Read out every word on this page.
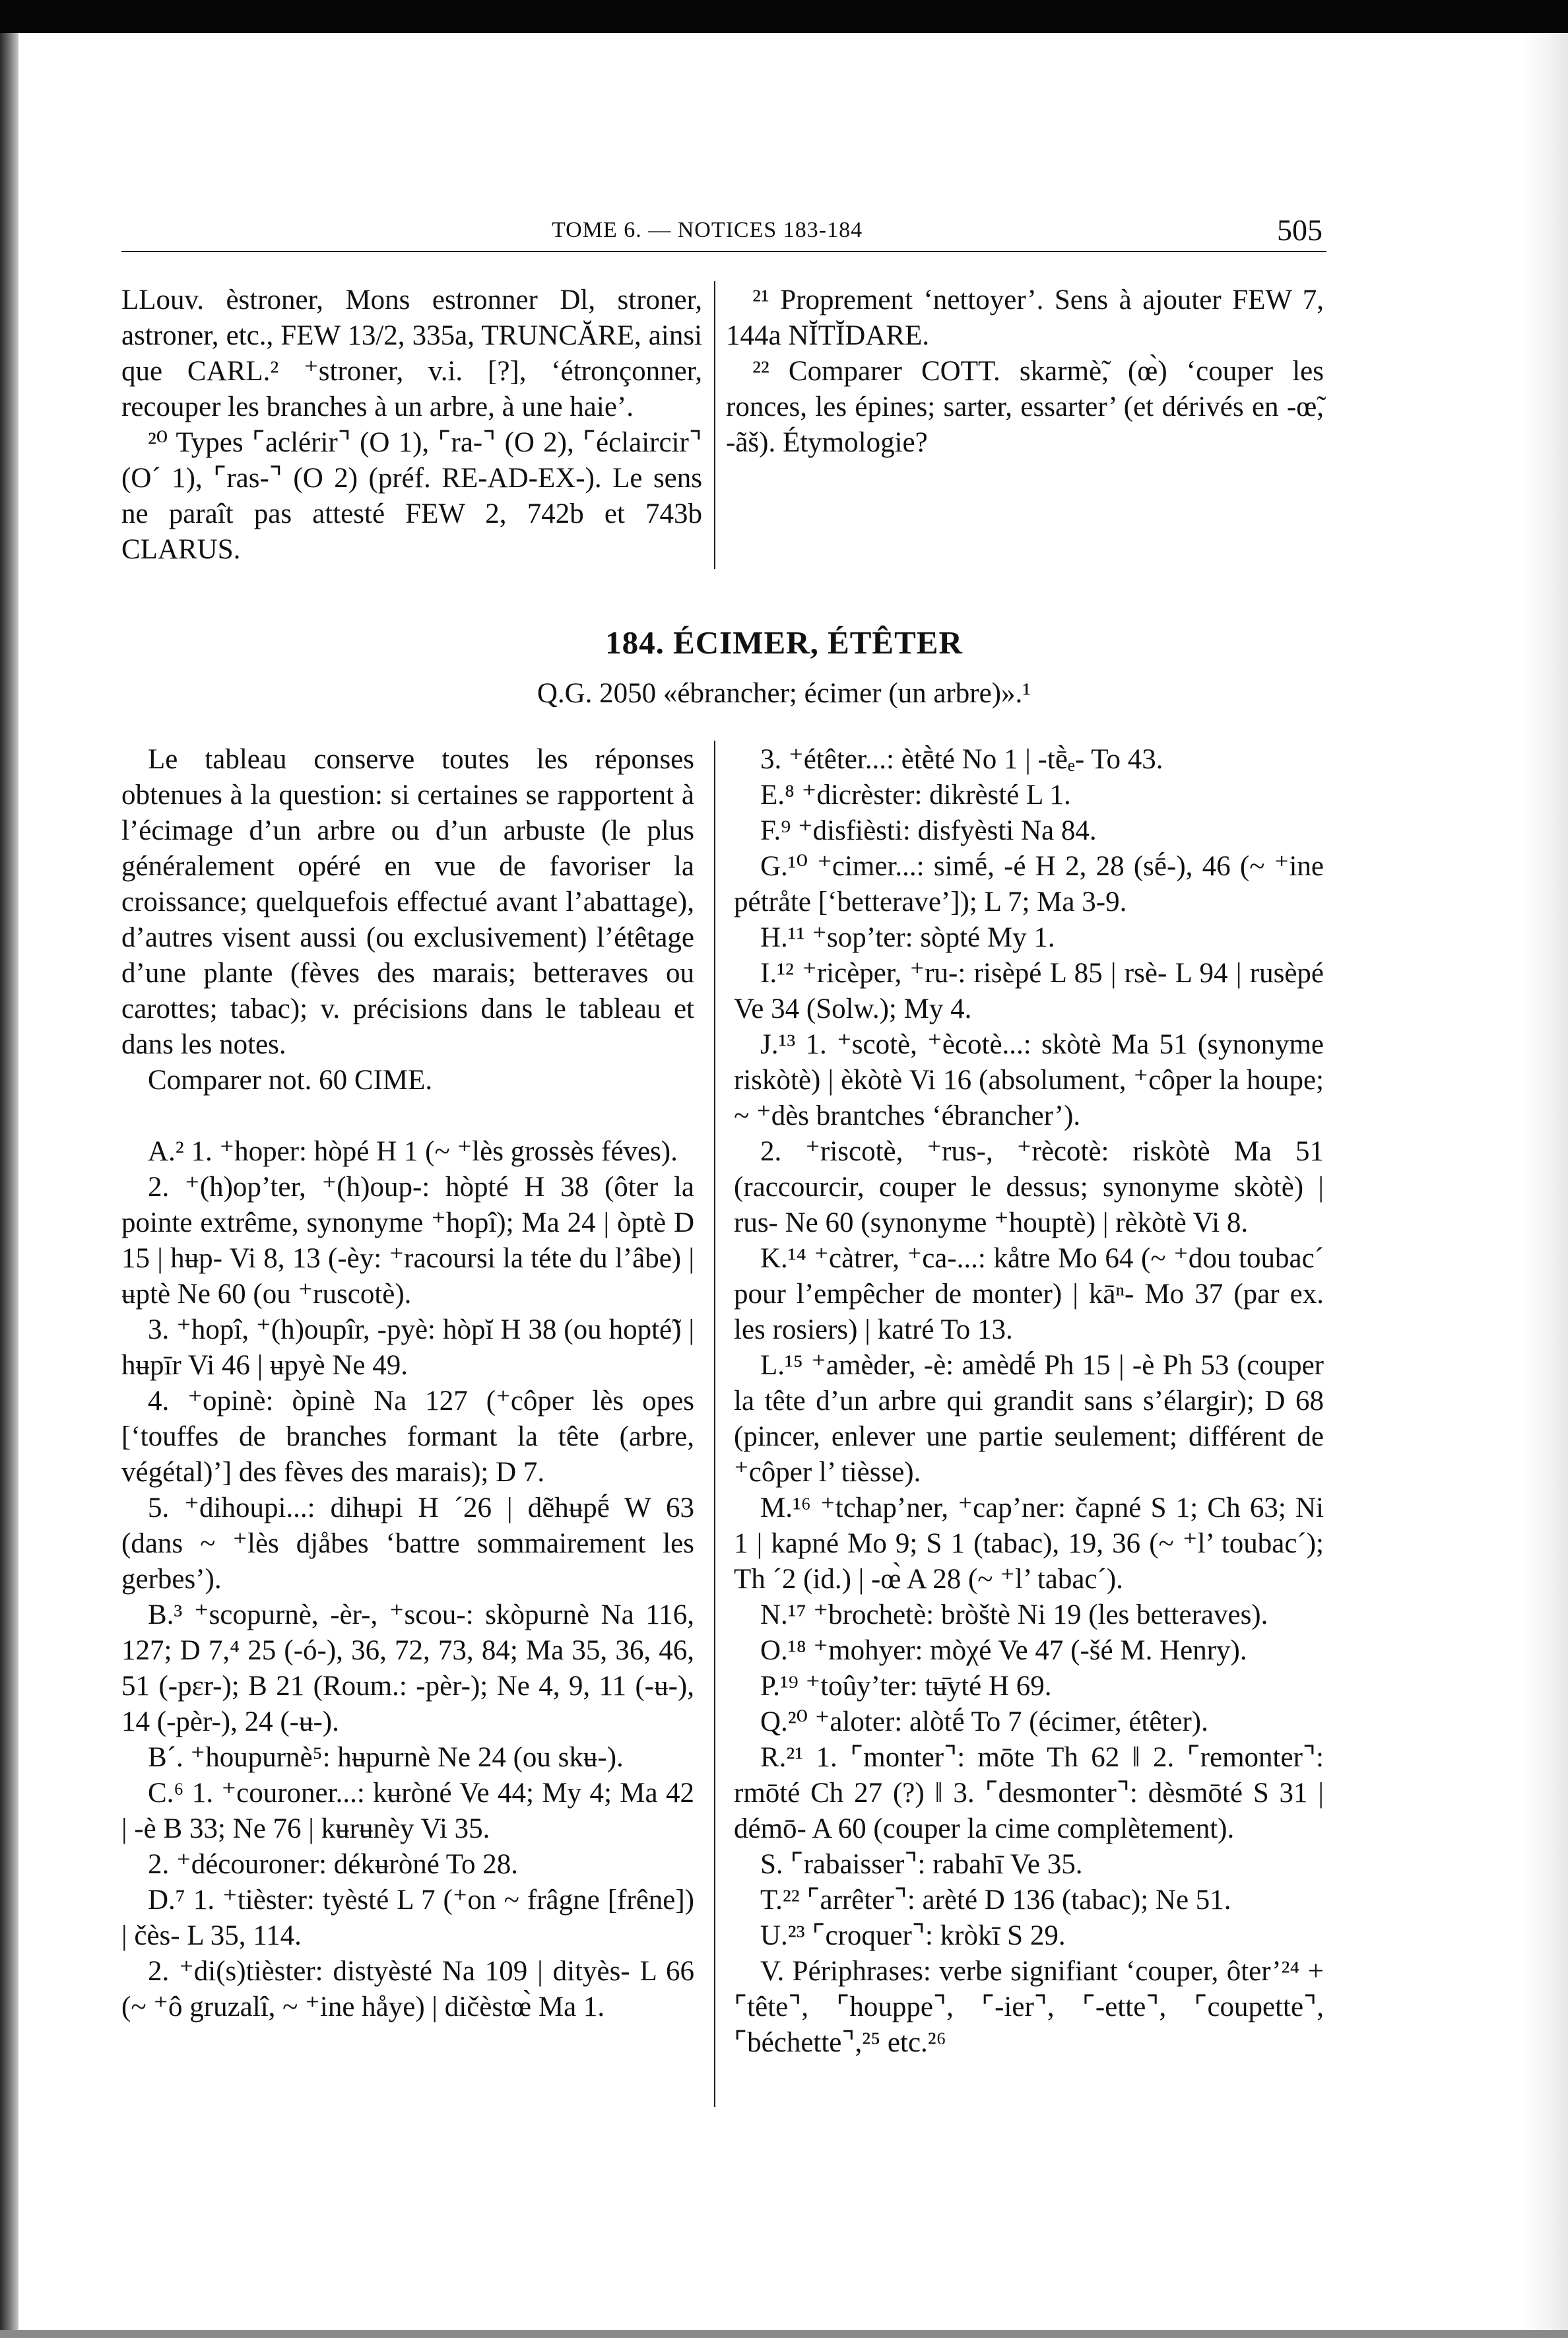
TOME 6. — NOTICES 183-184	505

LLouv. èstroner, Mons estronner Dl, stroner, astroner, etc., FEW 13/2, 335a, TRUNCĂRE, ainsi que CARL.² ⁺stroner, v.i. [?], ‘étronçonner, recouper les branches à un arbre, à une haie’.

²⁰ Types ⌜aclérir⌝ (O 1), ⌜ra-⌝ (O 2), ⌜éclaircir⌝ (O´ 1), ⌜ras-⌝ (O 2) (préf. RE-AD-EX-). Le sens ne paraît pas attesté FEW 2, 742b et 743b CLARUS.

²¹ Proprement ‘nettoyer’. Sens à ajouter FEW 7, 144a NĬTĬDARE.

²² Comparer COTT. skarmè̃, (œ̀) ‘couper les ronces, les épines; sarter, essarter’ (et dérivés en -œ̃, -ãš). Étymologie?

184. ÉCIMER, ÉTÊTER
Q.G. 2050 «ébrancher; écimer (un arbre)».¹

Le tableau conserve toutes les réponses obtenues à la question: si certaines se rapportent à l’écimage d’un arbre ou d’un arbuste (le plus généralement opéré en vue de favoriser la croissance; quelquefois effectué avant l’abattage), d’autres visent aussi (ou exclusivement) l’étêtage d’une plante (fèves des marais; betteraves ou carottes; tabac); v. précisions dans le tableau et dans les notes.

Comparer not. 60 CIME.

A.² 1. ⁺hoper: hòpé H 1 (~ ⁺lès grossès féves).

2. ⁺(h)op’ter, ⁺(h)oup-: hòpté H 38 (ôter la pointe extrême, synonyme ⁺hopî); Ma 24 | òptè D 15 | hʉp- Vi 8, 13 (-èy: ⁺racoursi la téte du l’âbe) | ʉptè Ne 60 (ou ⁺ruscotè).

3. ⁺hopî, ⁺(h)oupîr, -pyè: hòpĭ H 38 (ou hopté̃) | hʉpīr Vi 46 | ʉpyè Ne 49.

4. ⁺opinè: òpinè Na 127 (⁺côper lès opes [‘touffes de branches formant la tête (arbre, végétal)’] des fèves des marais); D 7.

5. ⁺dihoupi...: dihʉpi H ´26 | dẽhʉpḗ W 63 (dans ~ ⁺lès djåbes ‘battre sommairement les gerbes’).

B.³ ⁺scopurnè, -èr-, ⁺scou-: skòpurnè Na 116, 127; D 7,⁴ 25 (-ó-), 36, 72, 73, 84; Ma 35, 36, 46, 51 (-pɛr-); B 21 (Roum.: -pèr-); Ne 4, 9, 11 (-ʉ-), 14 (-pèr-), 24 (-ʉ-).

B´. ⁺houpurnè⁵: hʉpurnè Ne 24 (ou skʉ-).

C.⁶ 1. ⁺couroner...: kʉròné Ve 44; My 4; Ma 42 | -è B 33; Ne 76 | kʉrʉnèy Vi 35.

2. ⁺découroner: dékʉròné To 28.

D.⁷ 1. ⁺tièster: tyèsté L 7 (⁺on ~ frâgne [frêne]) | čès- L 35, 114.

2. ⁺di(s)tièster: distyèsté Na 109 | dityès- L 66 (~ ⁺ô gruzalî, ~ ⁺ine håye) | dičèstœ̀ Ma 1.

3. ⁺étêter...: ètḕté No 1 | -tḕₑ- To 43.

E.⁸ ⁺dicrèster: dikrèsté L 1.

F.⁹ ⁺disfièsti: disfyèsti Na 84.

G.¹⁰ ⁺cimer...: simḗ, -é H 2, 28 (sḗ-), 46 (~ ⁺ine pétråte [‘betterave’]); L 7; Ma 3-9.

H.¹¹ ⁺sop’ter: sòpté My 1.

I.¹² ⁺ricèper, ⁺ru-: risèpé L 85 | rsè- L 94 | rusèpé Ve 34 (Solw.); My 4.

J.¹³ 1. ⁺scotè, ⁺ècotè...: skòtè Ma 51 (synonyme riskòtè) | èkòtè Vi 16 (absolument, ⁺côper la houpe; ~ ⁺dès brantches ‘ébrancher’).

2. ⁺riscotè, ⁺rus-, ⁺rècotè: riskòtè Ma 51 (raccourcir, couper le dessus; synonyme skòtè) | rus- Ne 60 (synonyme ⁺houptè) | rèkòtè Vi 8.

K.¹⁴ ⁺càtrer, ⁺ca-...: kåtre Mo 64 (~ ⁺dou toubac´ pour l’empêcher de monter) | kāⁿ- Mo 37 (par ex. les rosiers) | katré To 13.

L.¹⁵ ⁺amèder, -è: amèdḗ Ph 15 | -è Ph 53 (couper la tête d’un arbre qui grandit sans s’élargir); D 68 (pincer, enlever une partie seulement; différent de ⁺côper l’ tièsse).

M.¹⁶ ⁺tchap’ner, ⁺cap’ner: čapné S 1; Ch 63; Ni 1 | kapné Mo 9; S 1 (tabac), 19, 36 (~ ⁺l’ toubac´); Th ´2 (id.) | -œ̀ A 28 (~ ⁺l’ tabac´).

N.¹⁷ ⁺brochetè: bròštè Ni 19 (les betteraves).

O.¹⁸ ⁺mohyer: mòχé Ve 47 (-šé M. Henry).

P.¹⁹ ⁺toûy’ter: tʉ̄yté H 69.

Q.²⁰ ⁺aloter: alòtḗ To 7 (écimer, étêter).

R.²¹ 1. ⌜monter⌝: mōte Th 62 ‖ 2. ⌜remonter⌝: rmōté Ch 27 (?) ‖ 3. ⌜desmonter⌝: dèsmōté S 31 | démō- A 60 (couper la cime complètement).

S. ⌜rabaisser⌝: rabahī Ve 35.

T.²² ⌜arrêter⌝: arèté D 136 (tabac); Ne 51.

U.²³ ⌜croquer⌝: kròkī S 29.

V. Périphrases: verbe signifiant ‘couper, ôter’²⁴ + ⌜tête⌝, ⌜houppe⌝, ⌜-ier⌝, ⌜-ette⌝, ⌜coupette⌝, ⌜béchette⌝,²⁵ etc.²⁶
